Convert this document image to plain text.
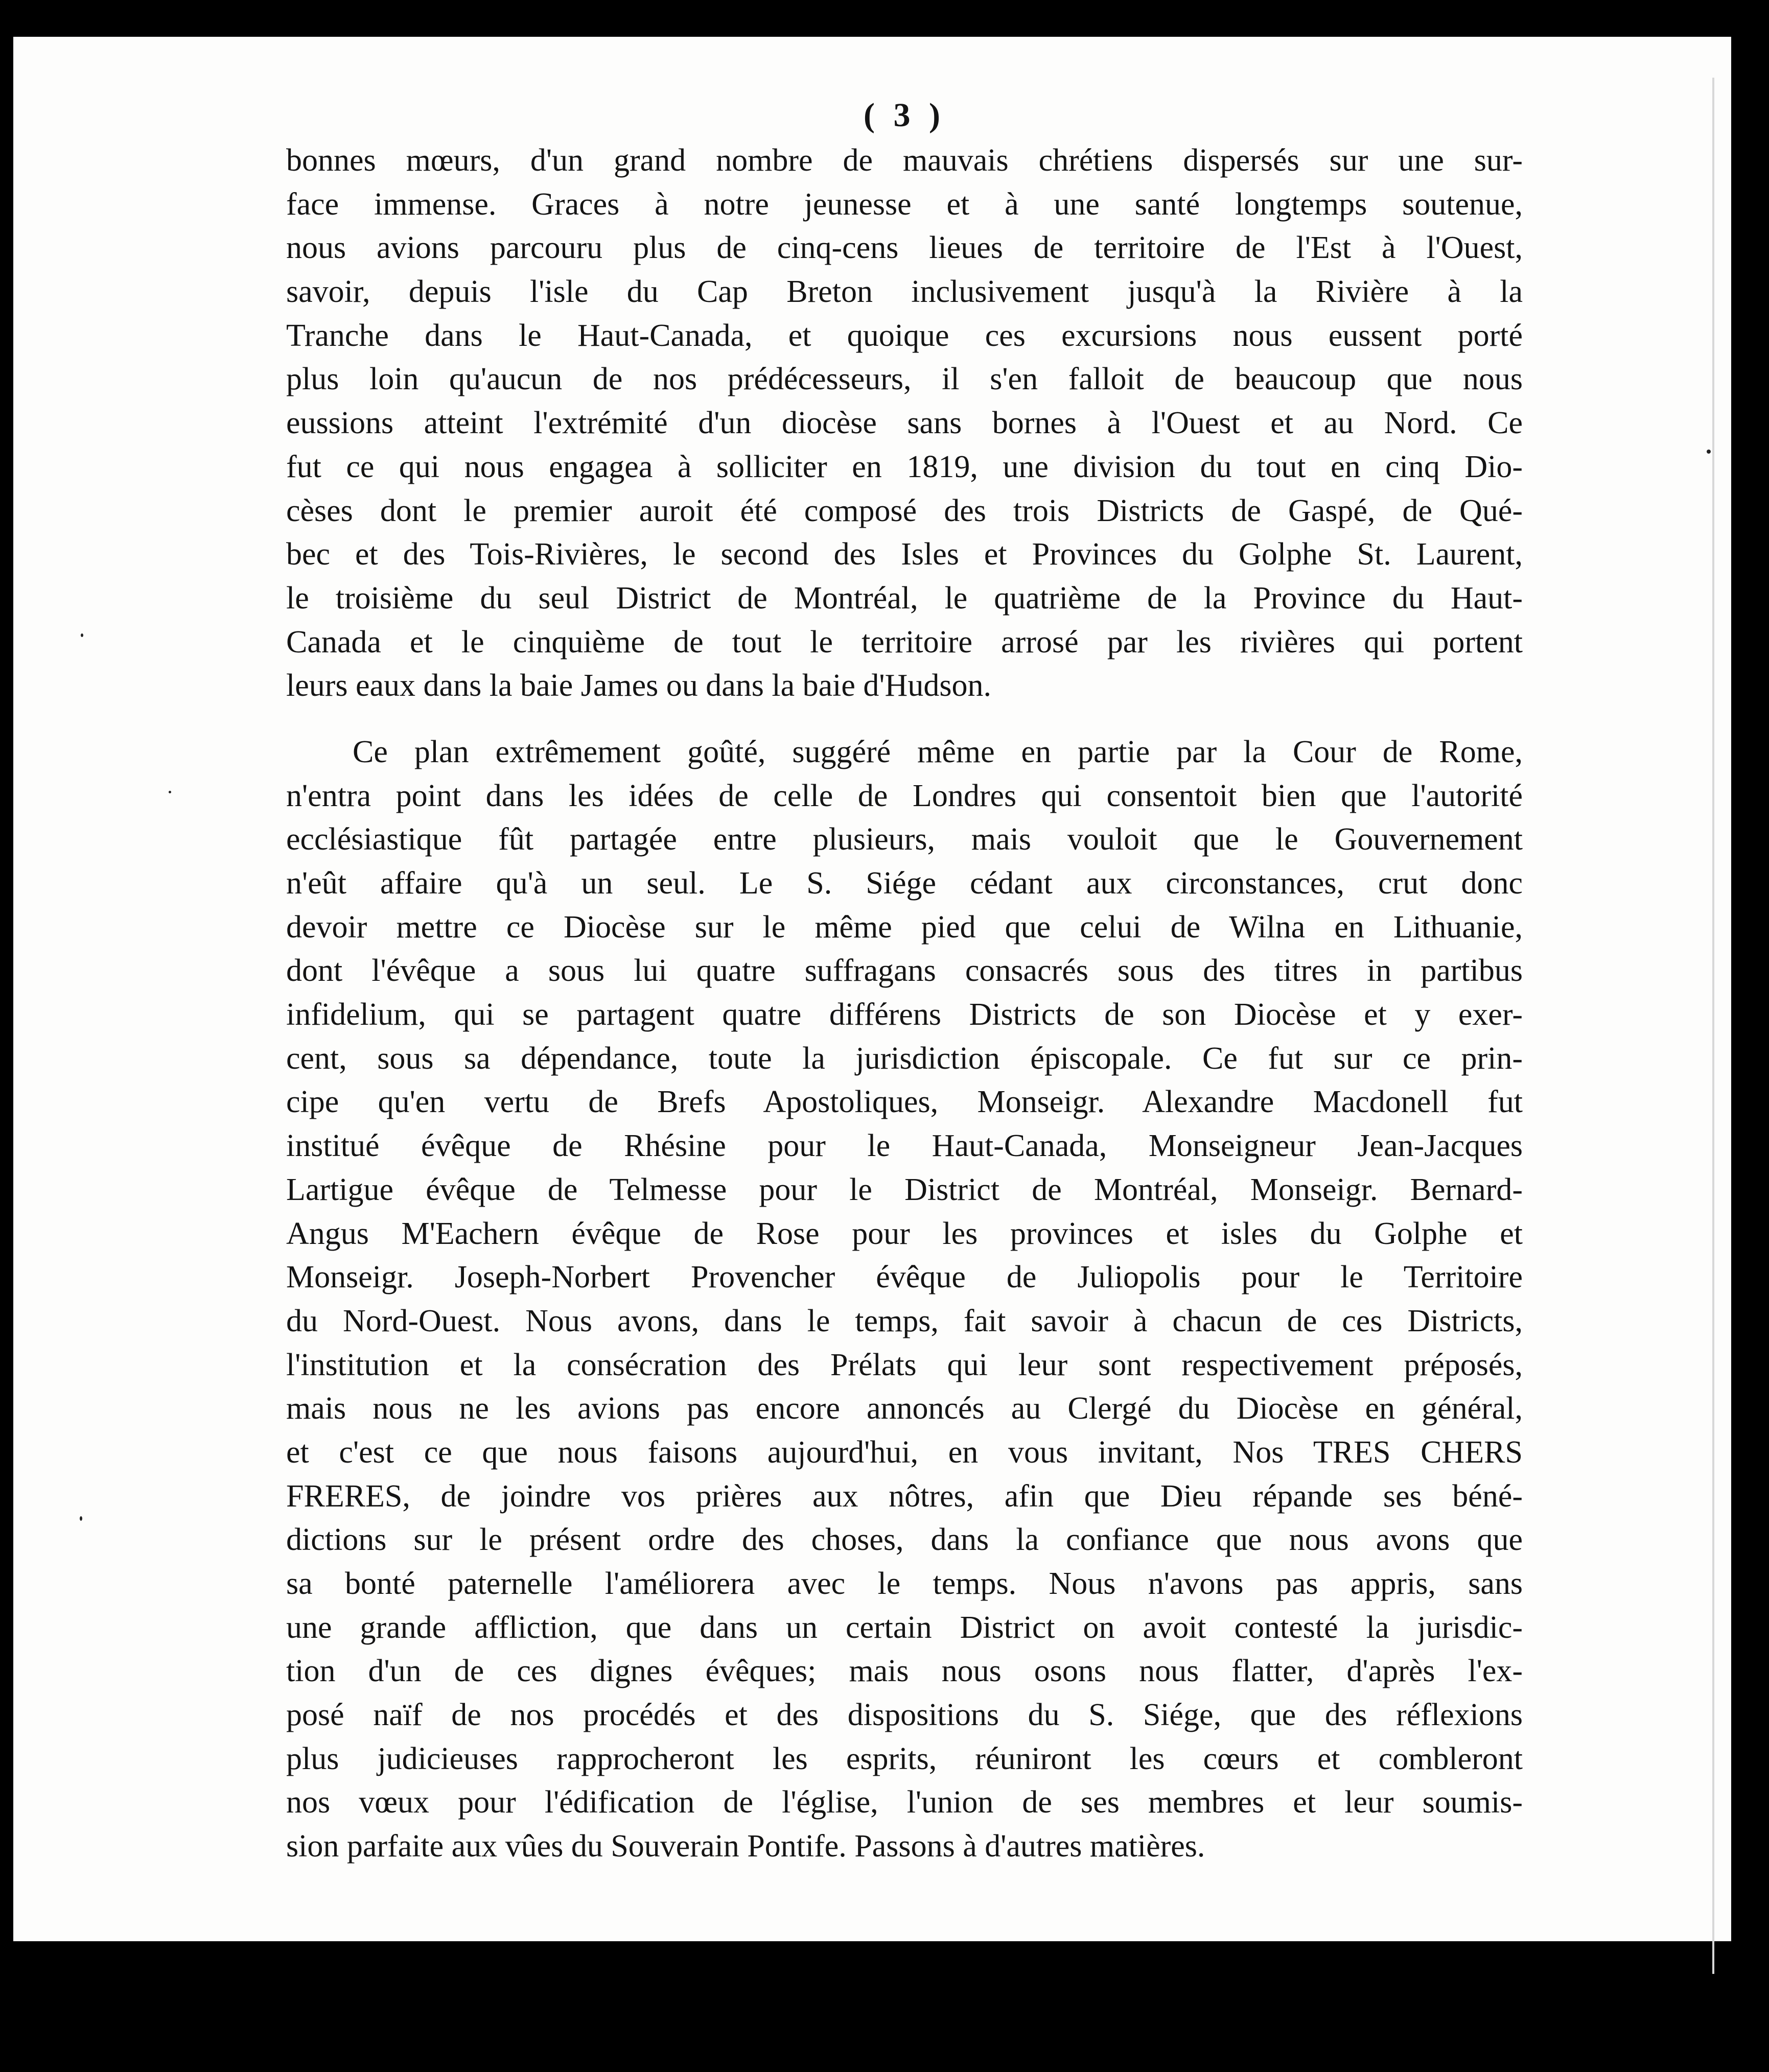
( 3 )
bonnes mœurs, d'un grand nombre de mauvais chrétiens dispersés sur une sur-
face immense. Graces à notre jeunesse et à une santé longtemps soutenue,
nous avions parcouru plus de cinq-cens lieues de territoire de l'Est à l'Ouest,
savoir, depuis l'isle du Cap Breton inclusivement jusqu'à la Rivière à la
Tranche dans le Haut-Canada, et quoique ces excursions nous eussent porté
plus loin qu'aucun de nos prédécesseurs, il s'en falloit de beaucoup que nous
eussions atteint l'extrémité d'un diocèse sans bornes à l'Ouest et au Nord. Ce
fut ce qui nous engagea à solliciter en 1819, une division du tout en cinq Dio-
cèses dont le premier auroit été composé des trois Districts de Gaspé, de Qué-
bec et des Tois-Rivières, le second des Isles et Provinces du Golphe St. Laurent,
le troisième du seul District de Montréal, le quatrième de la Province du Haut-
Canada et le cinquième de tout le territoire arrosé par les rivières qui portent
leurs eaux dans la baie James ou dans la baie d'Hudson.
Ce plan extrêmement goûté, suggéré même en partie par la Cour de Rome,
n'entra point dans les idées de celle de Londres qui consentoit bien que l'autorité
ecclésiastique fût partagée entre plusieurs, mais vouloit que le Gouvernement
n'eût affaire qu'à un seul. Le S. Siége cédant aux circonstances, crut donc
devoir mettre ce Diocèse sur le même pied que celui de Wilna en Lithuanie,
dont l'évêque a sous lui quatre suffragans consacrés sous des titres in partibus
infidelium, qui se partagent quatre différens Districts de son Diocèse et y exer-
cent, sous sa dépendance, toute la jurisdiction épiscopale. Ce fut sur ce prin-
cipe qu'en vertu de Brefs Apostoliques, Monseigr. Alexandre Macdonell fut
institué évêque de Rhésine pour le Haut-Canada, Monseigneur Jean-Jacques
Lartigue évêque de Telmesse pour le District de Montréal, Monseigr. Bernard-
Angus M'Eachern évêque de Rose pour les provinces et isles du Golphe et
Monseigr. Joseph-Norbert Provencher évêque de Juliopolis pour le Territoire
du Nord-Ouest. Nous avons, dans le temps, fait savoir à chacun de ces Districts,
l'institution et la consécration des Prélats qui leur sont respectivement préposés,
mais nous ne les avions pas encore annoncés au Clergé du Diocèse en général,
et c'est ce que nous faisons aujourd'hui, en vous invitant, Nos TRES CHERS
FRERES, de joindre vos prières aux nôtres, afin que Dieu répande ses béné-
dictions sur le présent ordre des choses, dans la confiance que nous avons que
sa bonté paternelle l'améliorera avec le temps. Nous n'avons pas appris, sans
une grande affliction, que dans un certain District on avoit contesté la jurisdic-
tion d'un de ces dignes évêques; mais nous osons nous flatter, d'après l'ex-
posé naïf de nos procédés et des dispositions du S. Siége, que des réflexions
plus judicieuses rapprocheront les esprits, réuniront les cœurs et combleront
nos vœux pour l'édification de l'église, l'union de ses membres et leur soumis-
sion parfaite aux vûes du Souverain Pontife. Passons à d'autres matières.
